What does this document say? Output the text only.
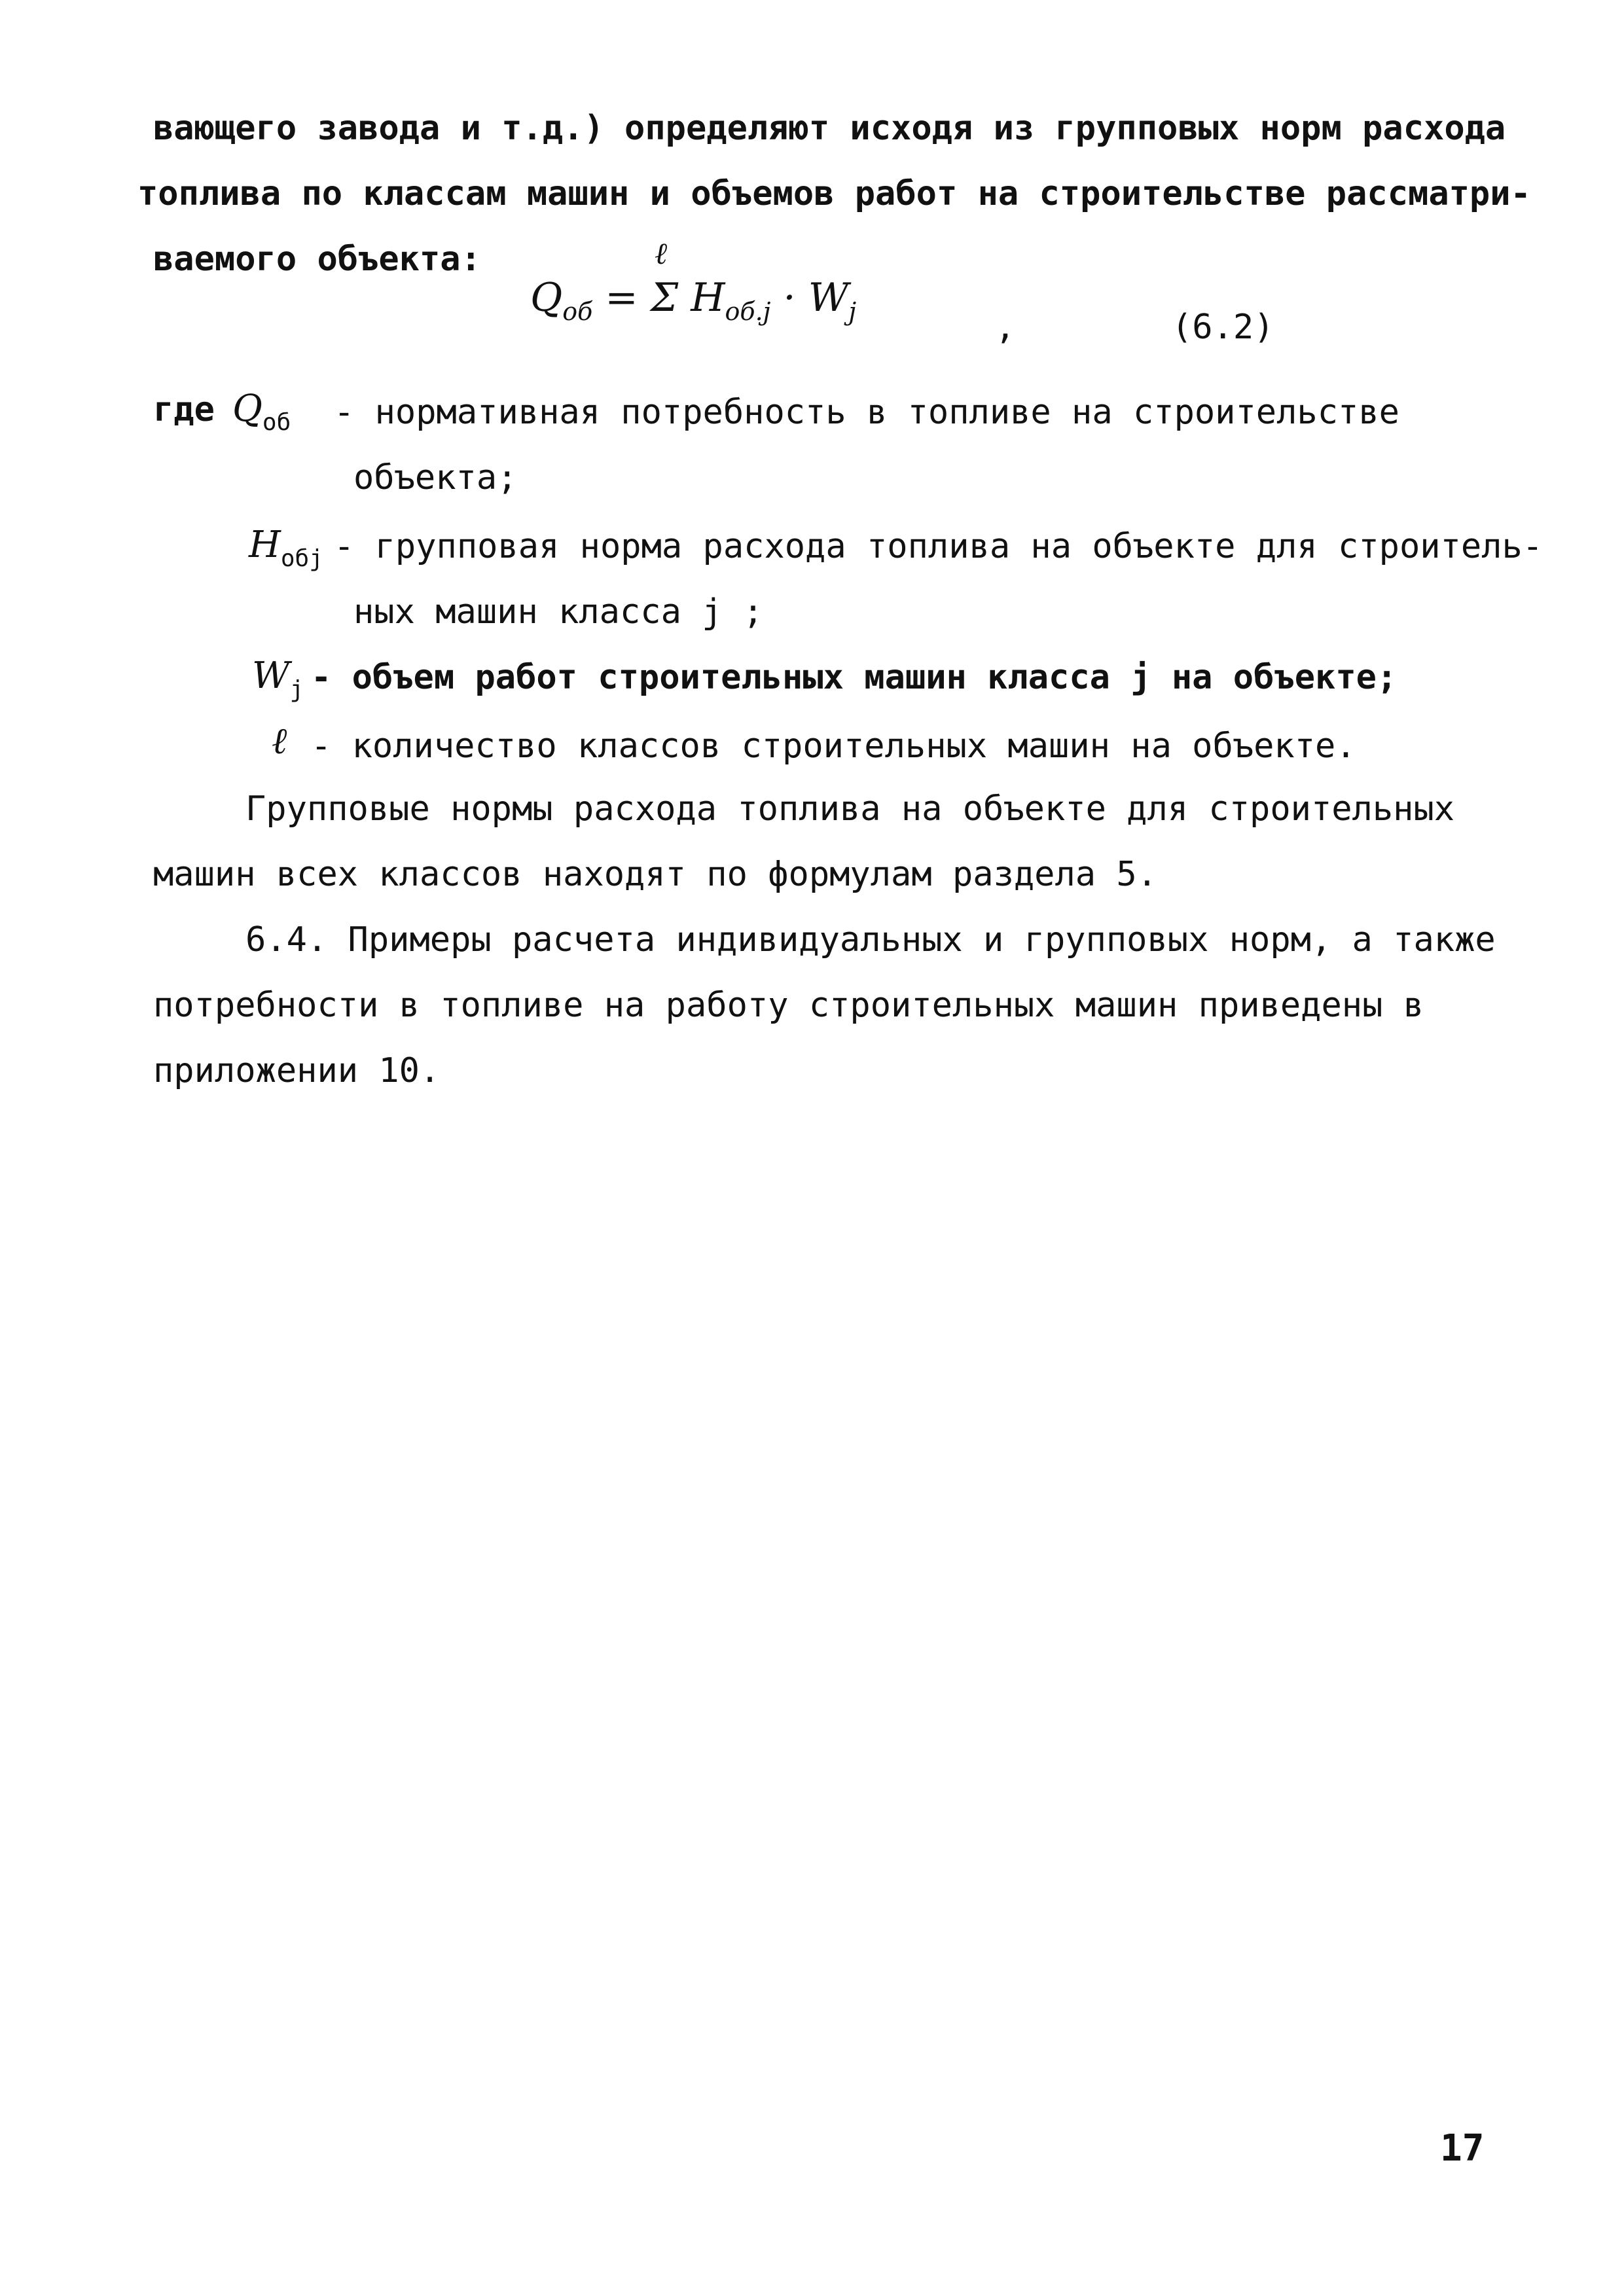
вающего завода и т.д.) определяют исходя из групповых норм расхода
топлива по классам машин и объемов работ на строительстве рассматри-
ваемого объекта:
$Q_{об} = \Sigma$ $H_{об.j} \cdot W_j$
ℓ
,	(6.2)
где $Q_{об}$ - нормативная потребность в топливе на строительстве
объекта;
$H_{обj}$ - групповая норма расхода топлива на объекте для строитель-
ных машин класса j ;
$W_j$ - объем работ строительных машин класса j на объекте;
ℓ - количество классов строительных машин на объекте.
Групповые нормы расхода топлива на объекте для строительных
машин всех классов находят по формулам раздела 5.
6.4. Примеры расчета индивидуальных и групповых норм, а также
потребности в топливе на работу строительных машин приведены в
приложении 10.
17
